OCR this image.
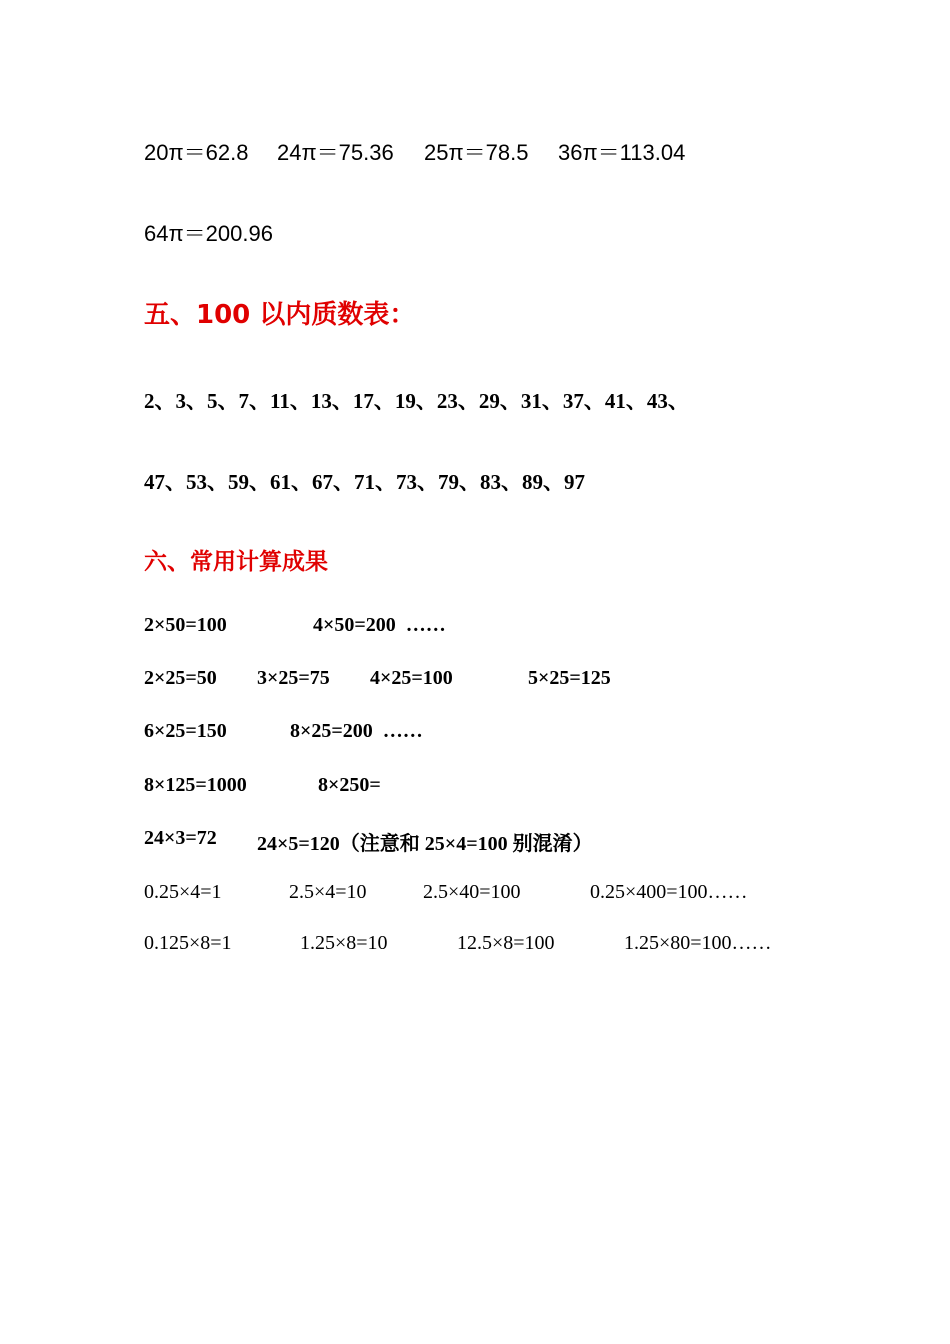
20π＝62.8

24π＝75.36

25π＝78.5

36π＝113.04

64π＝200.96

五、100 以内质数表：
2、3、5、7、11、13、17、19、23、29、31、37、41、43、
47、53、59、61、67、71、73、79、83、89、97
六、常用计算成果

2×50=100

	4×50=200  ……

2×25=50

3×25=75

4×25=100

	5×25=125

6×25=150

	8×25=200  ……

8×125=1000

	8×250=

24×3=72

24×5=120（注意和 25×4=100 别混淆）

0.25×4=1

	2.5×4=10

	2.5×40=100

	0.25×400=100……

0.125×8=1

	1.25×8=10

	12.5×8=100

	1.25×80=100……
